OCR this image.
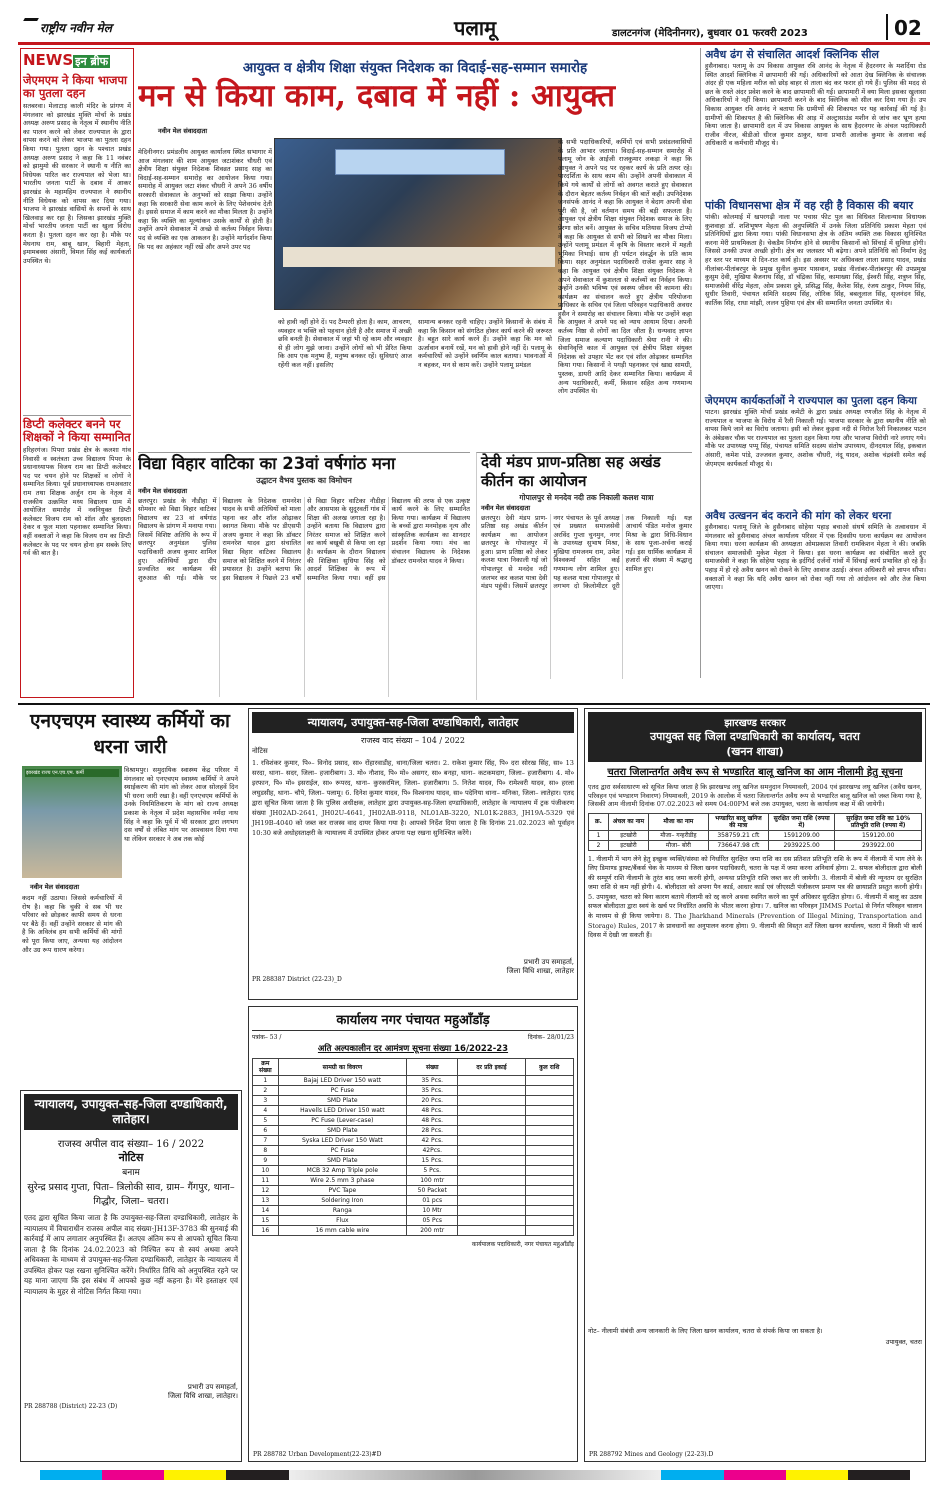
राष्ट्रीय नवीन मेल	पलामू	डालटनगंज (मेदिनीनगर), बुधवार 01 फरवरी 2023	02
NEWS इन ब्रीफ
जेएमएम ने किया भाजपा का पुतला दहन
सतबरवा। मेलाटाड़ काली मंदिर के प्रांगण में मंगलवार को झारखंड मुक्ति मोर्चा के प्रखंड अध्यक्ष अरुण प्रसाद के नेतृत्व में स्थानीय नीति का पालन करने को लेकर राज्यपाल के द्वारा वापस करने को लेकर भाजपा का पुतला दहन किया गया। पुतला दहन के पश्चात प्रखंड अध्यक्ष अरुण प्रसाद ने कहा कि 11 नवंबर को झामुमो की सरकार ने स्थानी य नीति का विधेयक पारित कर राज्यपाल को भेजा था। भारतीय जनता पार्टी के दबाव में आकर झारखंड के महामहिम राज्यपाल ने स्थानीय नीति विधेयक को वापस कर दिया गया। भाजपा ने झारखंड वासियों के सपनों के साथ खिलवाड़ कर रहा है। जिसका झारखंड मुक्ति मोर्चा भारतीय जनता पार्टी का खुला विरोध करता है। पुतला दहन कर रहा है। मौके पर मेघनाथ राम, बाबू खान, बिहारी मेहता, इमामबक्स अंसारी, विमल सिंह कई कार्यकर्ता उपस्थित थे।
डिप्टी कलेक्टर बनने पर शिक्षकों ने किया सम्मानित
हरिहरगंज। पिपरा प्रखंड क्षेत्र के कलशा गांव निवासी व स्वतंत्रता उच्च विद्यालय पिपरा के प्रधानाध्यापक विजय राम का डिप्टी कलेक्टर पद पर चयन होने पर शिक्षकों व लोगों ने सम्मानित किया। पूर्व प्रधानाध्यापक रामअवतार राम तथा शिक्षक अर्जुन राम के नेतृत्व में राजकीय उत्क्रमित मध्य विद्यालय ग्राम में आयोजित समारोह में नवनियुक्त डिप्टी कलेक्टर विजय राम को शॉल और बुलदस्ता देकर व फूल माला पहनाकर सम्मानित किया। वहीं वक्ताओं ने कहा कि विजय राम का डिप्टी कलेक्टर के पद पर चयन होना हम सबके लिए गर्व की बात है।
आयुक्त व क्षेत्रीय शिक्षा संयुक्त निदेशक का विदाई-सह-सम्मान समारोह
मन से किया काम, दबाव में नहीं : आयुक्त
मेदिनीनगर। प्रमंडलीय आयुक्त कार्यालय स्थित सभागार में आज मंगलवार की शाम आयुक्त जटाशंकर चौधरी एवं क्षेत्रीय शिक्षा संयुक्त निदेशक शिवव्रत प्रसाद साह का विदाई-सह-सम्मान समारोह का आयोजन किया गया। समारोह में आयुक्त जटा शंकर चौधरी ने अपने 36 वर्षीय सरकारी सेवाकाल के अनुभवों को साझा किया। उन्होंने कहा कि सरकारी सेवा काम करने के लिए पेशेवरमंच देती है। इससे समाज में काम करने का मौका मिलता है। उन्होंने कहा कि व्यक्ति का मूल्यांकन उसके कार्यों से होती है। उन्होंने अपने सेवाकाल में अच्छे से कर्तव्य निर्वहन किया। पद से व्यक्ति का एक आकलन है। उन्होंने मार्गदर्शन किया कि पद का अहंकार नहीं रखें और अपने उपर पद
को हावी नहीं होने दें। पद टैम्पररी होता है। काम, आचरण, व्यवहार व भक्ति को पहचान होती है और समाज में अच्छी छवि बनती है। सेवाकाल में जहां भी रहे काम और व्यवहार से ही लोग मुझे जाना। उन्होंने लोगों को भी प्रेरित किया कि आप एक मनुष्य हैं, मनुष्य बनकर रहें। सुविधाएं आज रहेंगी कल नहीं। इसलिए
सामान्य बनकर रहनी चाहिए। उन्होंने किसानों के संबंध में कहा कि किसान को संगठित होकर कार्य करने की जरूरत है। बहुत सारे कार्य करने हैं। उन्होंने कहा कि मन को ऊर्जावान बनायें रखें, मन को हावी होने नहीं दें। पलामू के कर्मचारियों को उन्होंने स्वर्णिम काल बताया। भावनाओं में न बहकर, मन से काम करें। उन्होंने पलामू प्रमंडल
के सभी पदाधिकारियों, कर्मियों एवं सभी प्रसंडलवासियों के प्रति आभार जताया। विदाई-सह-सम्मान समारोह में पलामू जोन के आईजी राजकुमार लकड़ा ने कहा कि आयुक्त ने अपने पद पर रहकर कार्य के प्रति तत्पर रहे। पारदर्शिता के साथ काम की। उन्होंने अपनी सेवाकाल में किये गये कार्यों से लोगों को अवगत कराते हुए सेवाकाल के दौरान बेहतर कर्तव्य निर्वहन की बातें कही। उपनिदेशक जनसंपर्क आनंद ने कहा कि आयुक्त ने बेदाग अपनी सेवा पूरी की है, जो वर्तमान समय की बड़ी सफलता है। आयुक्त एवं क्षेत्रीय शिक्षा संयुक्त निदेशक समाज के लिए प्रेरणा स्रोत बनें। आयुक्त के सचिव मतियास विजय टोप्पो ने कहा कि आयुक्त से सभी को सिखने का मौका मिला। उन्होंने पलामू प्रमंडल में कृषि के विस्तार कराने में महती भूमिका निभाई। साथ ही पर्यटन संवर्द्धन के प्रति काम किया। सहर अनुमंडल पदाधिकारी राजेश कुमार साह ने कहा कि आयुक्त एवं क्षेत्रीय शिक्षा संयुक्त निदेशक ने अपने सेवाकाल में कुशलता से कर्तव्यों का निर्वहन किया। उन्होंने उनकी भविष्य एवं स्वस्थ्य जीवन की कामना की। कार्यक्रम का संचालन करते हुए क्षेत्रीय परियोजना प्राधिकार के सचिव एवं जिला परिवहन पदाधिकारी अवधर हुसैन ने समारोह का संचालन किया। मौके पर उन्होंने कहा कि आयुक्त ने अपने पद को न्याय आयाम दिया। अपनी कर्तव्य निष्ठा से लोगों का दिल जीता है। धन्यवाद ज्ञापन जिला समाज कल्याण पदाधिकारी श्रेया रानी ने की। सेवानिवृत्ति काल में आयुक्त एवं क्षेत्रीय शिक्षा संयुक्त निदेशक को उपहार भेंट कर एवं शॉल ओढ़ाकर सम्मानित किया गया। किसानों ने पगड़ी पहनाकर एवं खाद्य सामग्री, पुस्तक, डायरी आदि देकर सम्मानित किया। कार्यक्रम में अन्य पदाधिकारी, कर्मी, किसान सहित अन्य गणमान्य लोग उपस्थित थे।
नवीन मेल संवाददाता
अवैध ढंग से संचालित आदर्श क्लिनिक सील
हुसैनाबाद। पलामू के उप विकास आयुक्त रवि आनंद के नेतृत्व में हैदरनगर के मशर्दिया रोड स्थित आदर्श क्लिनिक में छापामारी की गई। अधिकारियों को आता देख क्लिनिक के संचालक अंदर ही एक महिला मरीज को छोड़ बाहर से ताला बंद कर फरार हो गये हैं। पुलिस की मदद से छत के रास्ते अंदर प्रवेश करने के बाद छापामारी की गई। छापामारी में क्या मिला इसका खुलासा अधिकारियों ने नहीं किया। छापामारी करने के बाद क्लिनिक को सील कर दिया गया है। उप विकास आयुक्त रवि आनंद ने बताया कि ग्रामीणों की शिकायत पर यह कार्रवाई की गई है। ग्रामीणों की शिकायत है की क्लिनिक की आड़ में अल्ट्रासाउंड मशीन से जांच कर भ्रूण हत्या किया जाता है। छापामारी दल में उप विकास आयुक्त के साथ हैदरनगर के अंचल पदाधिकारी राजीव नीरज, बीडीओ धीरज कुमार ठाकुर, थाना प्रभारी आलोक कुमार के अलावा कई अधिकारी व कर्मचारी मौजूद थे।
पांकी विधानसभा क्षेत्र में वह रही है विकास की बयार
पांकी। कोलमाई में खपरगढ़ी नाला पर पचास फीट पुल का विधिवत शिलान्यास विधायक कुशवाहा डॉ. शशिभूषण मेहता की अनुपस्थिति में उनके जिला प्रतिनिधि प्रकाश मेहता एवं प्रतिनिधियों द्वारा किया गया। पांकी विधानसभा क्षेत्र के अंतिम व्यक्ति तक विकास सुनिश्चित करना मेरी प्राथमिकता है। चेकडैम निर्माण होने से स्थानीय किसानों को सिंचाई में सुविधा होगी। जिससे उनकी उपज अच्छी होगी। क्षेत्र का जलस्तर भी बढ़ेगा। अपने प्रतिनिधि को निर्माण हेतु हर स्तर पर माध्यम से दिन-रात कार्य हो। इस अवसर पर अधिवक्ता लाला प्रसाद यादव, प्रखंड नीलांबर-पीतांबरपुर के प्रमुख सुनील कुमार पासवान, प्रखंड नीलांबर-पीतांबरपुर की उपप्रमुख कुसुम देवी, मुखिया बैजनाथ सिंह, डॉ चंद्रिका सिंह, कामाख्या सिंह, ईश्वरी सिंह, शत्रुघ्न सिंह, समाजसेवी वीरेंद्र मेहता, ओम प्रकाश दुबे, प्रसिद्ध सिंह, कैलेश सिंह, रंजय ठाकुर, नियम सिंह, सुधीर तिवारी, पंचायत समिति सदस्य सिंह, लोरिक सिंह, बबलूलाल सिंह, सृजनंदन सिंह, कार्तिक सिंह, राधा मांझी, ललन पुहिया एवं क्षेत्र की सम्मानित जनता उपस्थित थे।
जेएमएम कार्यकर्ताओं ने राज्यपाल का पुतला दहन किया
पाटन। झारखंड मुक्ति मोर्चा प्रखंड कमेटी के द्वारा प्रखंड अध्यक्ष रणजीत सिंह के नेतृत्व में राज्यपाल व भाजपा के विरोध में रैली निकाली गई। भाजपा सरकार के द्वारा स्थानीय नीति को वापस किये जाने का विरोध जताया। इसी को लेकर कुड़वा नदी से निरोज रैली निकालकर पाटन के अंबेडकर चौक पर राज्यपाल का पुतला दहन किया गया और भाजपा विरोधी नारे लगाए गये। मौके पर उपाध्यक्ष पप्पू सिंह, पंचायत समिति सदस्य संतोष उपाध्याय, दीनदयाल सिंह, इकबाल अंसारी, कमेश पांडे, उज्जवल कुमार, अशोक चौधरी, नंदू यादव, अशोक चंद्रवंशी समेत कई जेएमएम कार्यकर्ता मौजूद थे।
अवैध उत्खनन बंद कराने की मांग को लेकर धरना
हुसैनाबाद। पलामू जिले के हुसैनाबाद सोहेया पहाड़ बचाओ संघर्ष समिति के तत्वावधान में मंगलवार को हुसैनाबाद अंचल कार्यालय परिसर में एक दिवसीय धरना कार्यक्रम का आयोजन किया गया। धरना कार्यक्रम की अध्यक्षता ओमप्रकाश तिवारी रामकिशन मेहता ने की। जबकि संचालन समाजसेवी मुकेश मेहता ने किया। इस धरना कार्यक्रम का संबोधित करते हुए समाजसेवी ने कहा कि सोहेया पहाड़ के इर्दगिर्द दर्जनों गांवों में सिंचाई कार्य प्रभावित हो रहे हैं। पहाड़ में हो रहे अवैध खनन को रोकने के लिए आवाज उठाई। अंचल अधिकारी को ज्ञापन सौंपा। वक्ताओं ने कहा कि यदि अवैध खनन को रोका नहीं गया तो आंदोलन को और तेज किया जाएगा।
विद्या विहार वाटिका का 23वां वर्षगांठ मना
उद्घाटन वैभव पुस्तक का विमोचन
नवीन मेल संवाददाता
छतरपुर। प्रखंड के नौडीहा में सोमवार को विद्या विहार वाटिका विद्यालय का 23 वां वर्षगांठ विद्यालय के प्रांगण में मनाया गया। जिसमें विशिष्ट अतिथि के रूप में छतरपुर अनुमंडल पुलिस पदाधिकारी अजय कुमार शामिल हुए। अतिथियों द्वारा दीप प्रज्वलित कर कार्यक्रम की शुरुआत की गई। मौके पर विद्यालय के निदेशक रामनरेश यादव के सभी अतिथियों को माला पहना कर और शॉल ओढ़ाकर स्वागत किया। मौके पर डीएसपी अजय कुमार ने कहा कि डॉक्टर रामनरेश यादव द्वारा संचालित विद्या विहार वाटिका विद्यालय समाज को शिक्षित करने में निरंतर प्रयासरत है। उन्होंने बताया कि इस विद्यालय ने पिछले 23 वर्षों से विद्या विहार वाटिका नौडीहा और आसपास के सुदूरवर्ती गांव में शिक्षा की अलख जगाता रहा है। उन्होंने बताया कि विद्यालय द्वारा निरंतर समाज को शिक्षित करने का कार्य बखूबी से किया जा रहा है। कार्यक्रम के दौरान विद्यालय की शिक्षिका सुधिया सिंह को आदर्श शिक्षिका के रूप में सम्मानित किया गया। वहीं इस विद्यालय की तरफ से एक उत्कृष्ट कार्य करने के लिए सम्मानित किया गया। कार्यक्रम में विद्यालय के बच्चों द्वारा मनमोहक नृत्य और सांस्कृतिक कार्यक्रम का शानदार प्रदर्शन किया गया। मंच का संचालन विद्यालय के निदेशक डॉक्टर रामनरेश यादव ने किया।
देवी मंडप प्राण-प्रतिष्ठा सह अखंड कीर्तन का आयोजन
गोपालपुर से मनदेव नदी तक निकाली कलश यात्रा
नवीन मेल संवाददाता
छतरपुर। देवी मंडप प्राण-प्रतिष्ठा सह अखंड कीर्तन कार्यक्रम का आयोजन छतरपुर के गोपालपुर में हुआ। प्राण प्रतिष्ठा को लेकर कलश यात्रा निकाली गई जो गोपालपुर से मनदेव नदी जलभर कर कलश यात्रा देवी मंडप पहुंची। जिसमें छतरपुर नगर पंचायत के पूर्व अध्यक्ष एवं प्रख्यात समाजसेवी अरविंद गुप्ता चुनमुन, नगर के उपाध्यक्ष सुभाष मिश्रा, मुखिया रामजनम राम, उमेश विश्वकर्मा सहित कई गणमान्य लोग शामिल हुए। यह कलश यात्रा गोपालपुर से लगभग दो किलोमीटर दूरी तक निकाली गई। यज्ञ आचार्य पंडित मनोज कुमार मिश्रा के द्वारा विधि-विधान के साथ पूजा-अर्चना कराई गई। इस धार्मिक कार्यक्रम में हजारों की संख्या में श्रद्धालु शामिल हुए।
एनएचएम स्वास्थ्य कर्मियों का धरना जारी
झारखंड राज्य एन.एच.एम. कर्मी
नवीन मेल संवाददाता
विश्रामपुर। समुदायिक स्वास्थ्य केंद्र परिसर में मंगलवार को एनएचएम स्वास्थ्य कर्मियों ने अपने स्थाईकरण की मांग को लेकर आज सोलहवें दिन भी धरना जारी रखा है। वहीं एनएचएम कर्मियों के उनके नियमितिकरण के मांग को राज्य अध्यक्ष प्रकाश के नेतृत्व में प्रदेश महासचिव नर्मदा नाथ सिंह ने कहा कि पूर्व में भी सरकार द्वारा लगभग दस वर्षों से लंबित मांग पर आश्वासन दिया गया था लेकिन सरकार ने अब तक कोई
कदम नहीं उठाया। जिससे कर्मचारियों में रोष है। कहा कि चुकी वे सब भी घर परिवार को छोड़कर काफी समय से धरना पर बैठे हैं। वहीं उन्होंने सरकार से मांग की है कि अविलंब हम सभी कर्मियों की मांगों को पूरा किया जाए, अन्यथा यह आंदोलन और उग्र रूप धारण करेगा।
न्यायालय, उपायुक्त-सह-जिला दण्डाधिकारी, लातेहार।
राजस्व अपील वाद संख्या– 16 / 2022
नोटिस
बनाम
सुरेन्द्र प्रसाद गुप्ता, पिता– त्रिलोकी साव, ग्राम– गैंगपुर, थाना– गिद्धौर, जिला– चतरा।
एतद द्वारा सूचित किया जाता है कि उपायुक्त-सह-जिला दण्डाधिकारी, लातेहार के न्यायालय में विचाराधीन राजस्व अपील वाद संख्या-JH13F-3783 की सुनवाई की कार्रवाई में आप लगातार अनुपस्थित हैं। अतएव अंतिम रूप से आपको सूचित किया जाता है कि दिनांक 24.02.2023 को निश्चित रूप से स्वयं अथवा अपने अधिवक्ता के माध्यम से उपायुक्त-सह-जिला दण्डाधिकारी, लातेहार के न्यायालय में उपस्थित होकर पक्ष रखना सुनिश्चित करेंगे। निर्धारित तिथि को अनुपस्थित रहने पर यह माना जाएगा कि इस संबंध में आपको कुछ नहीं कहना है। मेरे हस्ताक्षर एवं न्यायालय के मुहर से नोटिस निर्गत किया गया।
प्रभारी उप समाहर्ता,
जिला विधि शाखा, लातेहार।
PR 288788 (District) 22-23 (D)
न्यायालय, उपायुक्त-सह-जिला दण्डाधिकारी, लातेहार
राजस्व वाद संख्या – 104 / 2022
नोटिस
1. रविशंकर कुमार, पि०– विनोद प्रसाद, सा० रोंहारवाडीह, थाना/जिला चतरा। 2. राकेश कुमार सिंह, पि० दरा सोरख सिंह, सा० 13 सरदा, थाना– सदर, जिला– हजारीबाग। 3. मो० नौशाद, पि० मो० असगर, सा० बनहा, थाना– कटकमदाग, जिला– हजारीबाग। 4. मो० इरफान, पि० मो० इसराईल, सा० रूपरद, थाना– कुरकरमिल, जिला– हजारीबाग। 5. नितेश यादव, पि० रामेश्वरी यादव, सा० हरला लघुडसीह, थाना– चौपे, जिला– पलामू। 6. दिनेश कुमार यादव, पि० विश्वनाथ यादव, सा० पदेनिया थाना– मनिका, जिला– लातेहार। एतद द्वारा सूचित किया जाता है कि पुलिस अधीक्षक, लातेहार द्वारा उपायुक्त-सह-जिला दण्डाधिकारी, लातेहार के न्यायालय में ट्रक पंजीकरण संख्या JH02AD-2641, JH02U-4641, JH02AB-9118, NL01AB-3220, NL01K-2883, JH19A-5329 एवं JH19B-4040 को जब्त कर राजस्व वाद दायर किया गया है। आपको निर्देश दिया जाता है कि दिनांक 21.02.2023 को पूर्वाहन 10:30 बजे अधोहस्ताक्षरी के न्यायालय में उपस्थित होकर अपना पक्ष रखना सुनिश्चित करेंगे।
प्रभारी उप समाहर्ता,
जिला विधि शाखा, लातेहार
PR 288387 District (22-23)_D
कार्यालय नगर पंचायत महुआँडाँड़
पत्रांक– 53 /	दिनांक– 28/01/23
अति अल्पकालीन दर आमंत्रण सूचना संख्या 16/2022-23
क्रम संख्या	सामग्री का विवरण	संख्या	दर प्रति इकाई	कुल राशि
1	Bajaj LED Driver 150 watt	35 Pcs.		
2	PC Fuse	35 Pcs.		
3	SMD Plate	20 Pcs.		
4	Havells LED Driver 150 watt	48 Pcs.		
5	PC Fuse (Lever-case)	48 Pcs.		
6	SMD Plate	28 Pcs.		
7	Syska LED Driver 150 Watt	42 Pcs.		
8	PC Fuse	42Pcs.		
9	SMD Plate	15 Pcs.		
10	MCB 32 Amp Triple pole	5 Pcs.		
11	Wire 2.5 mm 3 phase	100 mtr		
12	PVC Tape	50 Packet		
13	Soldering Iron	01 pcs		
14	Ranga	10 Mtr		
15	Flux	05 Pcs		
16	16 mm cable wire	200 mtr		
कार्यपालक पदाधिकारी, नगर पंचायत महुआँडाँड़
PR 288782 Urban Development(22-23)#D
झारखण्ड सरकार
उपायुक्त सह जिला दण्डाधिकारी का कार्यालय, चतरा
(खनन शाखा)
चतरा जिलान्तर्गत अवैध रूप से भण्डारित बालू खनिज का आम नीलामी हेतु सूचना
एतद द्वारा सर्वसाधारण को सूचित किया जाता है कि झारखण्ड लघु खनिज समनुदान नियमावली, 2004 एवं झारखण्ड लघु खनिज (अवैध खनन, परिवहन एवं भण्डारण निवारण) नियमावली, 2019 के आलोक में चतरा जिलान्तर्गत अवैध रूप से भण्डारित बालू खनिज को जब्त किया गया है, जिसकी आम नीलामी दिनांक 07.02.2023 को समय 04:00PM बजे तक उपायुक्त, चतरा के कार्यालय कक्ष में की जायेगी।
क्र.	अंचल का नाम	मौजा का नाम	भण्डारित बालू खनिज की मात्रा	सुरक्षित जमा राशि (रुपया में)	सुरक्षित जमा राशि का 10% प्रतिभूति राशि (रुपया में)
1	इटखोरी	मौजा– गन्हरीडीह	358759.21 cft	1591209.00	159120.00
2	इटखोरी	मौजा– बोरी	736647.98 cft	2939225.00	293922.00
1. नीलामी में भाग लेने हेतु इच्छुक व्यक्ति/संस्था को निर्धारित सुरक्षित जमा राशि का दस प्रतिशत प्रतिभूति राशि के रूप में नीलामी में भाग लेने के लिए डिमाण्ड ड्राफ्ट/बैंकर्स चेक के माध्यम से जिला खनन पदाधिकारी, चतरा के पक्ष में जमा करना अनिवार्य होगा। 2. सफल बोलीदाता द्वारा बोली की सम्पूर्ण राशि नीलामी के तुरंत बाद जमा करनी होगी, अन्यथा प्रतिभूति राशि जब्त कर ली जायेगी। 3. नीलामी में बोली की न्यूनतम दर सुरक्षित जमा राशि से कम नहीं होगी। 4. बोलीदाता को अपना पैन कार्ड, आधार कार्ड एवं जीएसटी पंजीकरण प्रमाण पत्र की छायाप्रति प्रस्तुत करनी होगी। 5. उपायुक्त, चतरा को बिना कारण बताये नीलामी को रद्द करने अथवा स्थगित करने का पूर्ण अधिकार सुरक्षित होगा। 6. नीलामी में बालू का उठाव सफल बोलीदाता द्वारा स्वयं के खर्च पर निर्धारित अवधि के भीतर करना होगा। 7. खनिज का परिवहन JIMMS Portal से निर्गत परिवहन चालान के माध्यम से ही किया जायेगा। 8. The Jharkhand Minerals (Prevention of Illegal Mining, Transportation and Storage) Rules, 2017 के प्रावधानों का अनुपालन करना होगा। 9. नीलामी की विस्तृत शर्तें जिला खनन कार्यालय, चतरा में किसी भी कार्य दिवस में देखी जा सकती हैं।
नोट– नीलामी संबंधी अन्य जानकारी के लिए जिला खनन कार्यालय, चतरा से संपर्क किया जा सकता है।
उपायुक्त, चतरा
PR 288792 Mines and Geology (22-23).D
